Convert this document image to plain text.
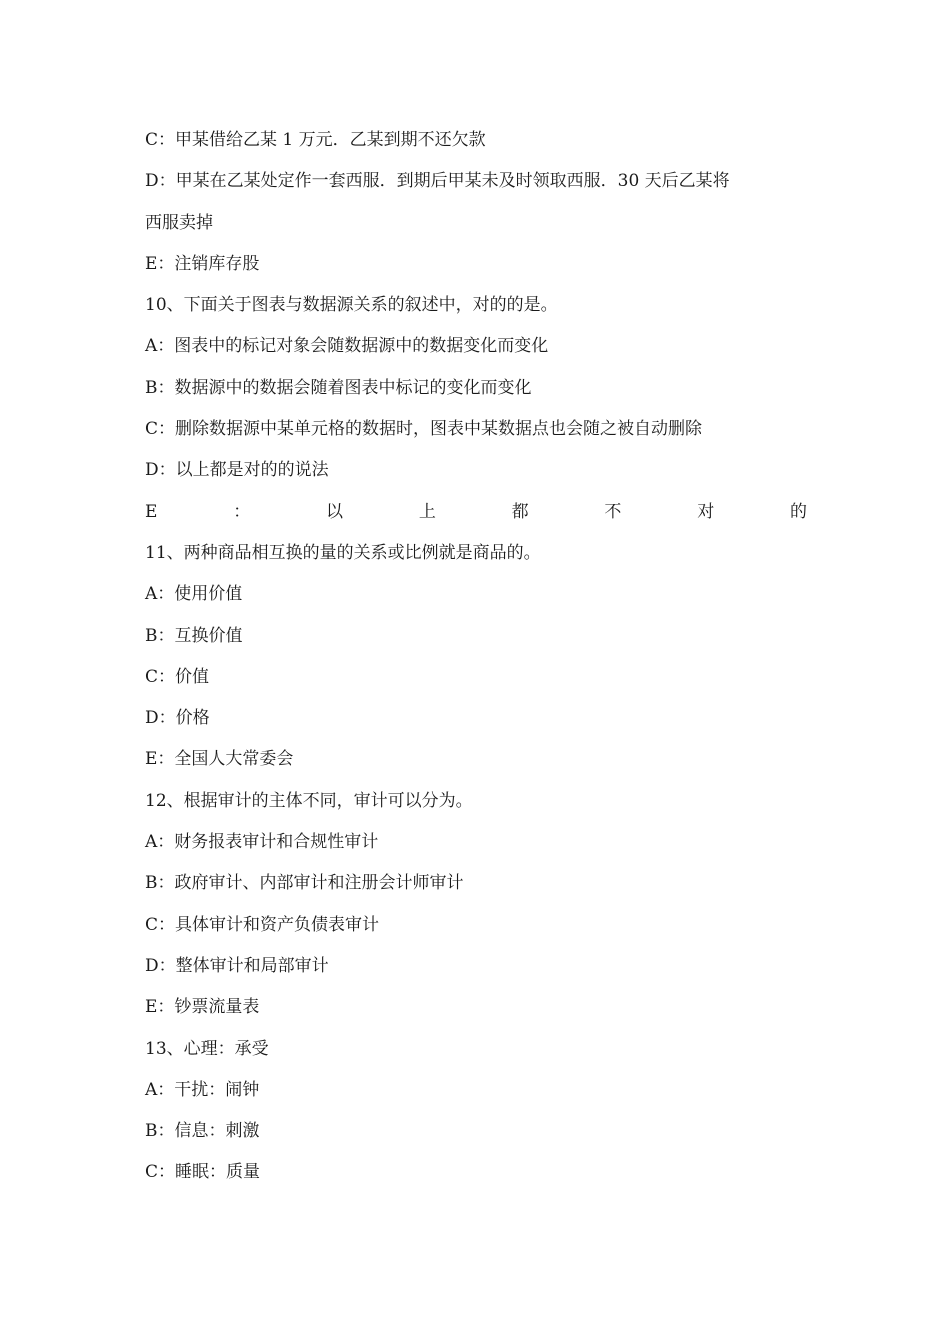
C：甲某借给乙某 1 万元．乙某到期不还欠款
D：甲某在乙某处定作一套西服．到期后甲某未及时领取西服．30 天后乙某将
西服卖掉
E：注销库存股
10、下面关于图表与数据源关系的叙述中，对的的是。
A：图表中的标记对象会随数据源中的数据变化而变化
B：数据源中的数据会随着图表中标记的变化而变化
C：删除数据源中某单元格的数据时，图表中某数据点也会随之被自动删除
D：以上都是对的的说法
E	：	以	上	都	不	对	的
11、两种商品相互换的量的关系或比例就是商品的。
A：使用价值
B：互换价值
C：价值
D：价格
E：全国人大常委会
12、根据审计的主体不同，审计可以分为。
A：财务报表审计和合规性审计
B：政府审计、内部审计和注册会计师审计
C：具体审计和资产负债表审计
D：整体审计和局部审计
E：钞票流量表
13、心理：承受
A：干扰：闹钟
B：信息：刺激
C：睡眠：质量
